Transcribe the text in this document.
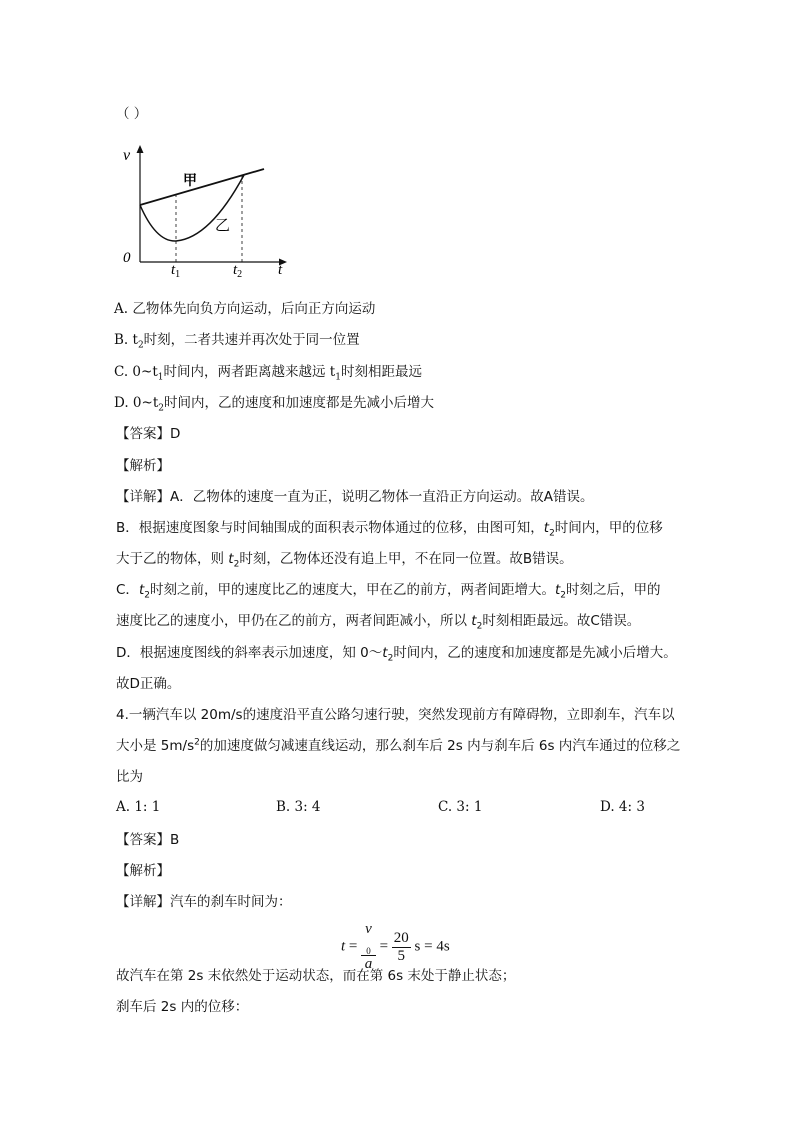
（ ）
v
0
t
甲
乙
$t_1$	$t_2$
A. 乙物体先向负方向运动，后向正方向运动
B. $t_2$时刻，二者共速并再次处于同一位置
C. $0\sim t_1$时间内，两者距离越来越远 $t_1$时刻相距最远
D. $0\sim t_2$时间内，乙的速度和加速度都是先减小后增大
【答案】D
【解析】
【详解】A．乙物体的速度一直为正，说明乙物体一直沿正方向运动。故A错误。
B．根据速度图象与时间轴围成的面积表示物体通过的位移，由图可知，$t_2$时间内，甲的位移
大于乙的物体，则 $t_2$时刻，乙物体还没有追上甲，不在同一位置。故B错误。
C．$t_2$时刻之前，甲的速度比乙的速度大，甲在乙的前方，两者间距增大。$t_2$时刻之后，甲的
速度比乙的速度小，甲仍在乙的前方，两者间距减小，所以 $t_2$时刻相距最远。故C错误。
D．根据速度图线的斜率表示加速度，知 $0\sim t_2$时间内，乙的速度和加速度都是先减小后增大。
故D正确。
4.一辆汽车以 20m/s的速度沿平直公路匀速行驶，突然发现前方有障碍物，立即刹车，汽车以
大小是 $5m/s^2$的加速度做匀减速直线运动，那么刹车后 2s 内与刹车后 6s 内汽车通过的位移之
比为
A. 1: 1	B. 3: 4	C. 3: 1	D. 4: 3
【答案】B
【解析】
【详解】汽车的刹车时间为：
t = v
$_0$
$a = \frac{20}{5}$ s = 4s
故汽车在第 2s 末依然处于运动状态，而在第 6s 末处于静止状态；
刹车后 2s 内的位移：
